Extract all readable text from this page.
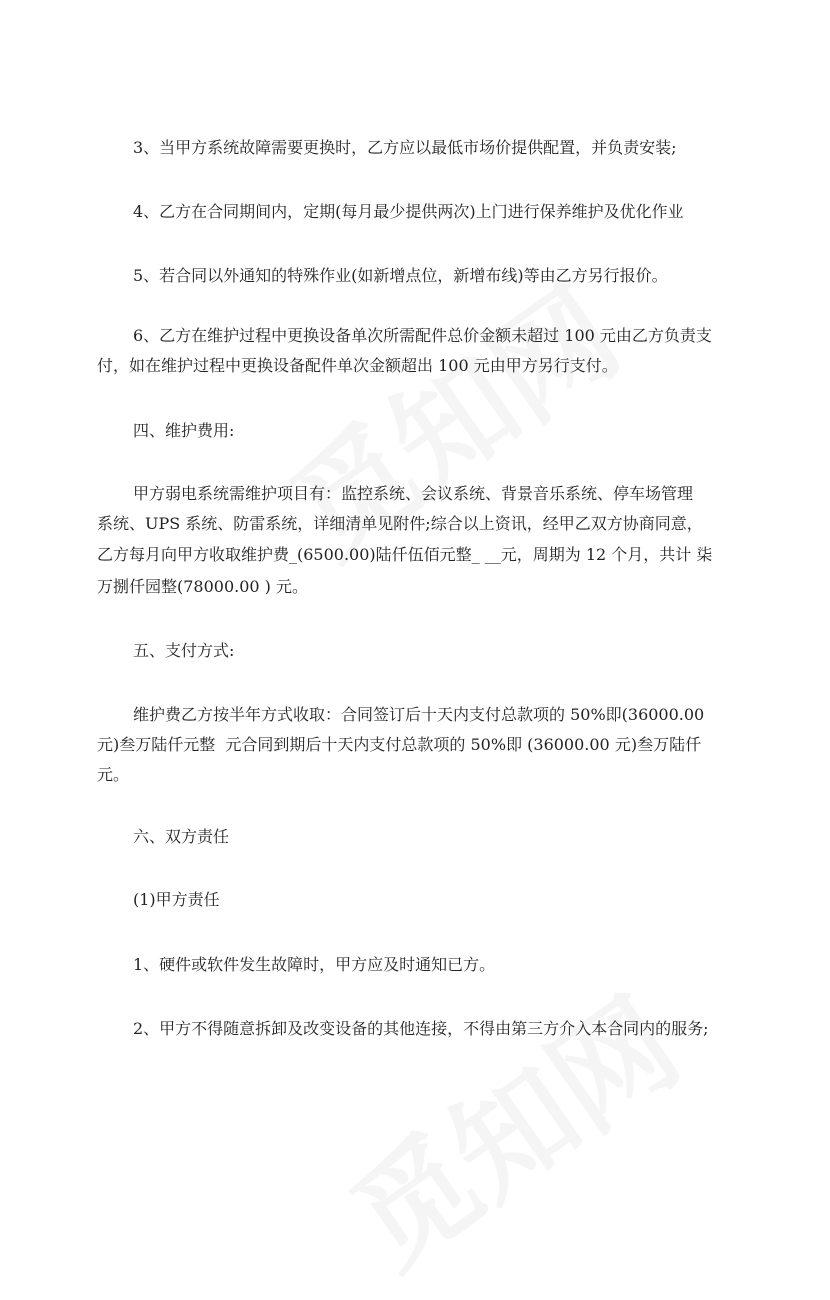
3、当甲方系统故障需要更换时，乙方应以最低市场价提供配置，并负责安装;
4、乙方在合同期间内，定期(每月最少提供两次)上门进行保养维护及优化作业
5、若合同以外通知的特殊作业(如新增点位，新增布线)等由乙方另行报价。
6、乙方在维护过程中更换设备单次所需配件总价金额未超过 100 元由乙方负责支
付，如在维护过程中更换设备配件单次金额超出 100 元由甲方另行支付。
四、维护费用:
甲方弱电系统需维护项目有：监控系统、会议系统、背景音乐系统、停车场管理
系统、UPS 系统、防雷系统，详细清单见附件;综合以上资讯，经甲乙双方协商同意，
乙方每月向甲方收取维护费_(6500.00)陆仟伍佰元整_ __元，周期为 12 个月，共计 柒
万捌仟园整(78000.00 ) 元。
五、支付方式:
维护费乙方按半年方式收取：合同签订后十天内支付总款项的 50%即(36000.00
元)叁万陆仟元整  元合同到期后十天内支付总款项的 50%即 (36000.00 元)叁万陆仟
元。
六、双方责任
(1)甲方责任
1、硬件或软件发生故障时，甲方应及时通知已方。
2、甲方不得随意拆卸及改变设备的其他连接，不得由第三方介入本合同内的服务;
